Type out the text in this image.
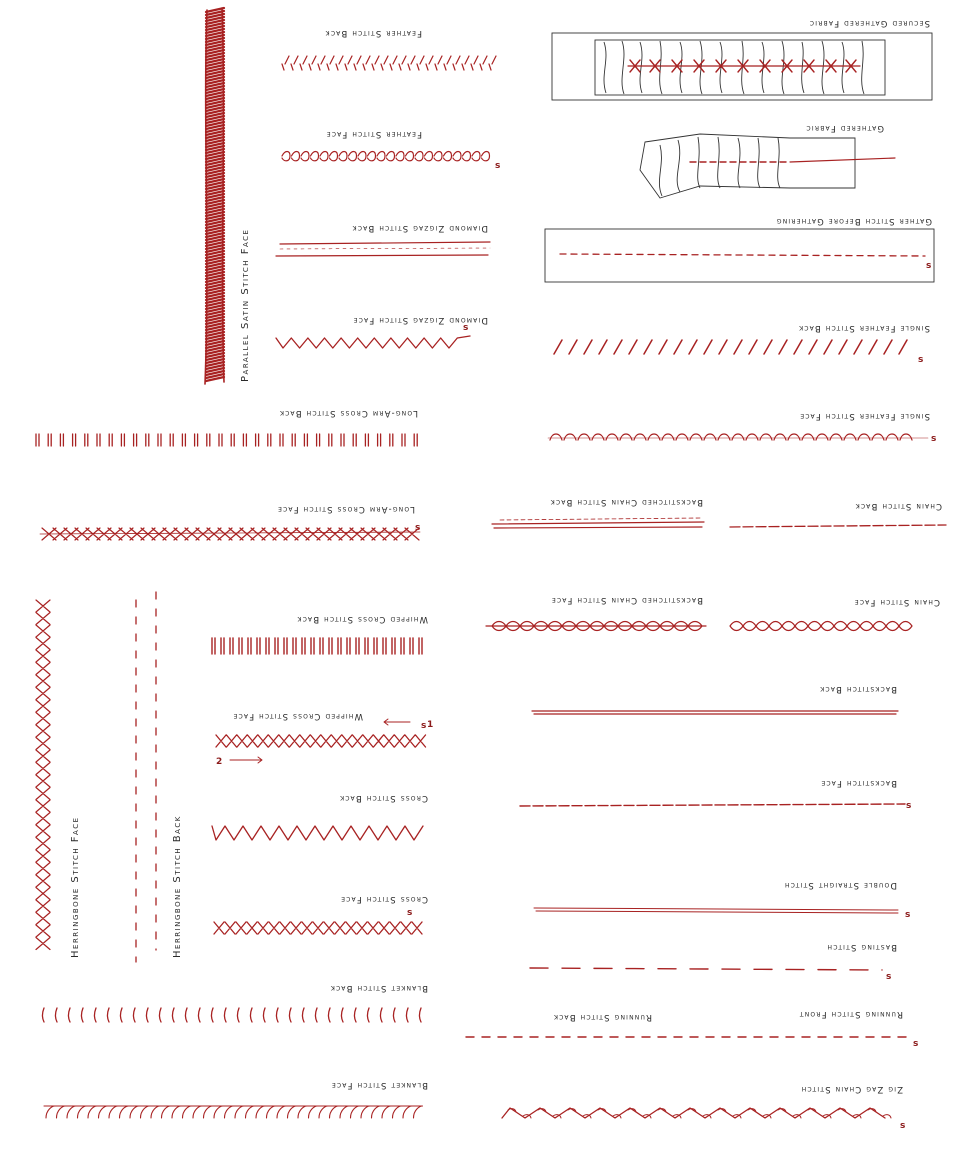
Feather Stitch Back
Feather Stitch Face
Diamond Zigzag Stitch Back
Diamond Zigzag Stitch Face
Long-Arm Cross Stitch Back
Long-Arm Cross Stitch Face
Whipped Cross Stitch Back
Whipped Cross Stitch Face
Cross Stitch Back
Cross Stitch Face
Blanket Stitch Back
Blanket Stitch Face
Secured Gathered Fabric
Gathered Fabric
Gather Stitch Before Gathering
Single Feather Stitch Back
Single Feather Stitch Face
Backstitched Chain Stitch Back	Chain Stitch Back
Backstitched Chain Stitch Face	Chain Stitch Face
Backstitch Back
Backstitch Face
Double Straight Stitch
Basting Stitch
Running Stitch Back	Running Stitch Front
Zig Zag Chain Stitch
Parallel Satin Stitch Face
Herringbone Stitch Face	Herringbone Stitch Back
s
s
s
s
s
s
s
s
s
s
s
s
s 1
2
